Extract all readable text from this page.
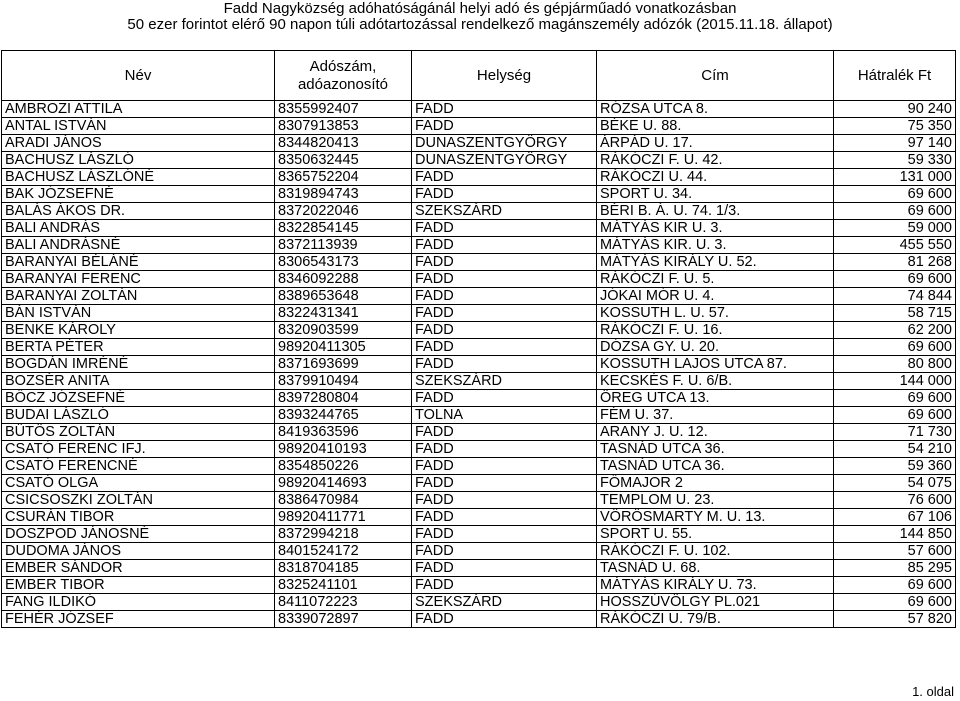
Fadd Nagyközség adóhatóságánál helyi adó és gépjárműadó vonatkozásban
50 ezer forintot elérő 90 napon túli adótartozással rendelkező magánszemély adózók (2015.11.18. állapot)
Név	Adószám, adóazonosító	Helység	Cím	Hátralék Ft
AMBROZI ATTILA	8355992407	FADD	RÓZSA UTCA 8.	90 240
ANTAL ISTVÁN	8307913853	FADD	BÉKE U. 88.	75 350
ARADI JÁNOS	8344820413	DUNASZENTGYÖRGY	ÁRPÁD U. 17.	97 140
BACHUSZ LÁSZLÓ	8350632445	DUNASZENTGYÖRGY	RÁKÓCZI F. U. 42.	59 330
BACHUSZ LÁSZLÓNÉ	8365752204	FADD	RÁKÓCZI U. 44.	131 000
BAK JÓZSEFNÉ	8319894743	FADD	SPORT U. 34.	69 600
BALÁS ÁKOS DR.	8372022046	SZEKSZÁRD	BÉRI B. Á. U. 74. 1/3.	69 600
BALI ANDRÁS	8322854145	FADD	MÁTYÁS KIR U. 3.	59 000
BALI ANDRÁSNÉ	8372113939	FADD	MÁTYÁS KIR. U. 3.	455 550
BARANYAI BÉLÁNÉ	8306543173	FADD	MÁTYÁS KIRÁLY U. 52.	81 268
BARANYAI FERENC	8346092288	FADD	RÁKÓCZI F. U. 5.	69 600
BARANYAI ZOLTÁN	8389653648	FADD	JÓKAI MÓR U. 4.	74 844
BÁN ISTVÁN	8322431341	FADD	KOSSUTH L. U. 57.	58 715
BENKE KÁROLY	8320903599	FADD	RÁKÓCZI F. U. 16.	62 200
BERTA PÉTER	98920411305	FADD	DÓZSA GY. U. 20.	69 600
BOGDÁN IMRÉNÉ	8371693699	FADD	KOSSUTH LAJOS UTCA 87.	80 800
BOZSÉR ANITA	8379910494	SZEKSZÁRD	KECSKÉS F. U. 6/B.	144 000
BŐCZ JÓZSEFNÉ	8397280804	FADD	ÖREG UTCA 13.	69 600
BUDAI LÁSZLÓ	8393244765	TOLNA	FÉM U. 37.	69 600
BÜTÖS ZOLTÁN	8419363596	FADD	ARANY J. U. 12.	71 730
CSATÓ FERENC IFJ.	98920410193	FADD	TASNÁD UTCA 36.	54 210
CSATÓ FERENCNÉ	8354850226	FADD	TASNÁD UTCA 36.	59 360
CSATÓ OLGA	98920414693	FADD	FŐMAJOR 2	54 075
CSICSOSZKI ZOLTÁN	8386470984	FADD	TEMPLOM U. 23.	76 600
CSURÁN TIBOR	98920411771	FADD	VÖRÖSMARTY M. U. 13.	67 106
DOSZPOD JÁNOSNÉ	8372994218	FADD	SPORT U. 55.	144 850
DUDOMA JÁNOS	8401524172	FADD	RÁKÓCZI F. U. 102.	57 600
EMBER SÁNDOR	8318704185	FADD	TASNÁD U. 68.	85 295
EMBER TIBOR	8325241101	FADD	MÁTYÁS KIRÁLY U. 73.	69 600
FANG ILDIKÓ	8411072223	SZEKSZÁRD	HOSSZÚVÖLGY PL.021	69 600
FEHÉR JÓZSEF	8339072897	FADD	RÁKÓCZI U. 79/B.	57 820
1. oldal
